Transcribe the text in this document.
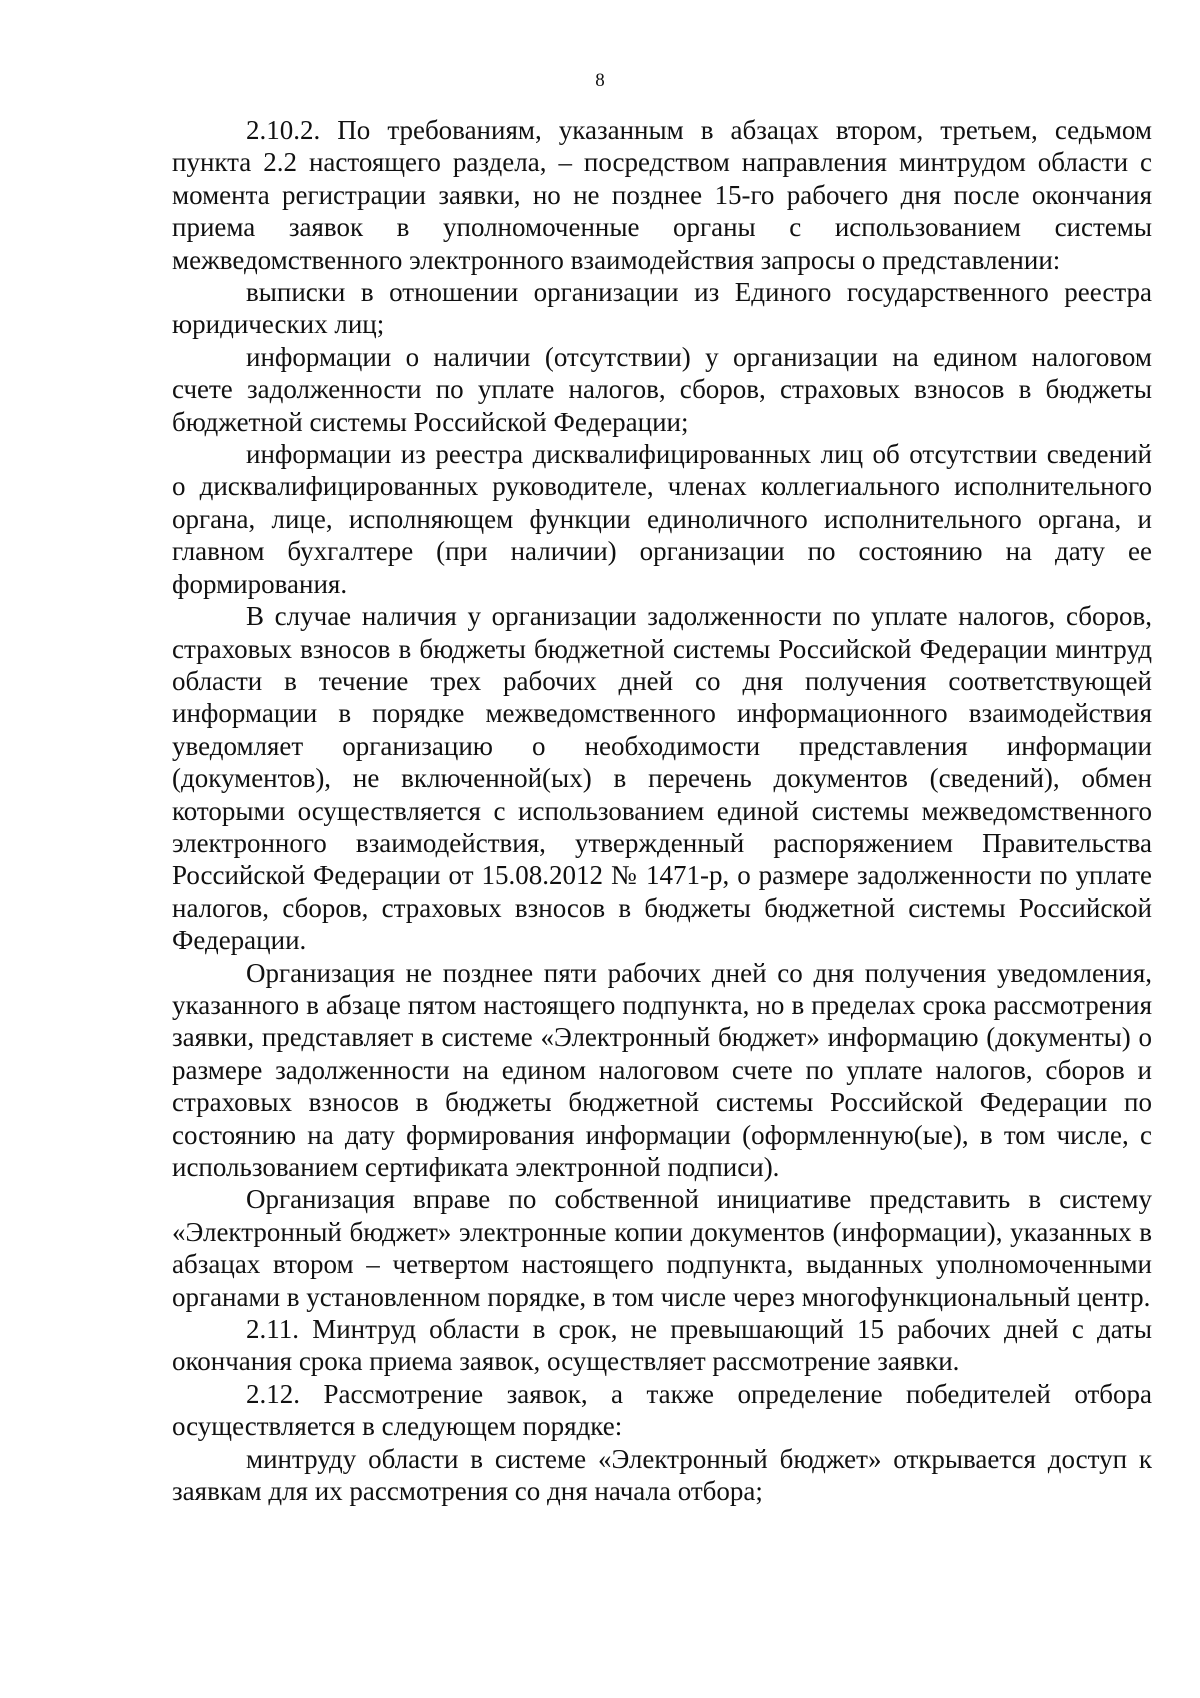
8

2.10.2. По требованиям, указанным в абзацах втором, третьем, седьмом пункта 2.2 настоящего раздела, – посредством направления минтрудом области с момента регистрации заявки, но не позднее 15-го рабочего дня после окончания приема заявок в уполномоченные органы с использованием системы межведомственного электронного взаимодействия запросы о представлении:

выписки в отношении организации из Единого государственного реестра юридических лиц;

информации о наличии (отсутствии) у организации на едином налоговом счете задолженности по уплате налогов, сборов, страховых взносов в бюджеты бюджетной системы Российской Федерации;

информации из реестра дисквалифицированных лиц об отсутствии сведений о дисквалифицированных руководителе, членах коллегиального исполнительного органа, лице, исполняющем функции единоличного исполнительного органа, и главном бухгалтере (при наличии) организации по состоянию на дату ее формирования.

В случае наличия у организации задолженности по уплате налогов, сборов, страховых взносов в бюджеты бюджетной системы Российской Федерации минтруд области в течение трех рабочих дней со дня получения соответствующей информации в порядке межведомственного информационного взаимодействия уведомляет организацию о необходимости представления информации (документов), не включенной(ых) в перечень документов (сведений), обмен которыми осуществляется с использованием единой системы межведомственного электронного взаимодействия, утвержденный распоряжением Правительства Российской Федерации от 15.08.2012 № 1471-р, о размере задолженности по уплате налогов, сборов, страховых взносов в бюджеты бюджетной системы Российской Федерации.

Организация не позднее пяти рабочих дней со дня получения уведомления, указанного в абзаце пятом настоящего подпункта, но в пределах срока рассмотрения заявки, представляет в системе «Электронный бюджет» информацию (документы) о размере задолженности на едином налоговом счете по уплате налогов, сборов и страховых взносов в бюджеты бюджетной системы Российской Федерации по состоянию на дату формирования информации (оформленную(ые), в том числе, с использованием сертификата электронной подписи).

Организация вправе по собственной инициативе представить в систему «Электронный бюджет» электронные копии документов (информации), указанных в абзацах втором – четвертом настоящего подпункта, выданных уполномоченными органами в установленном порядке, в том числе через многофункциональный центр.

2.11. Минтруд области в срок, не превышающий 15 рабочих дней с даты окончания срока приема заявок, осуществляет рассмотрение заявки.

2.12. Рассмотрение заявок, а также определение победителей отбора осуществляется в следующем порядке:

минтруду области в системе «Электронный бюджет» открывается доступ к заявкам для их рассмотрения со дня начала отбора;
